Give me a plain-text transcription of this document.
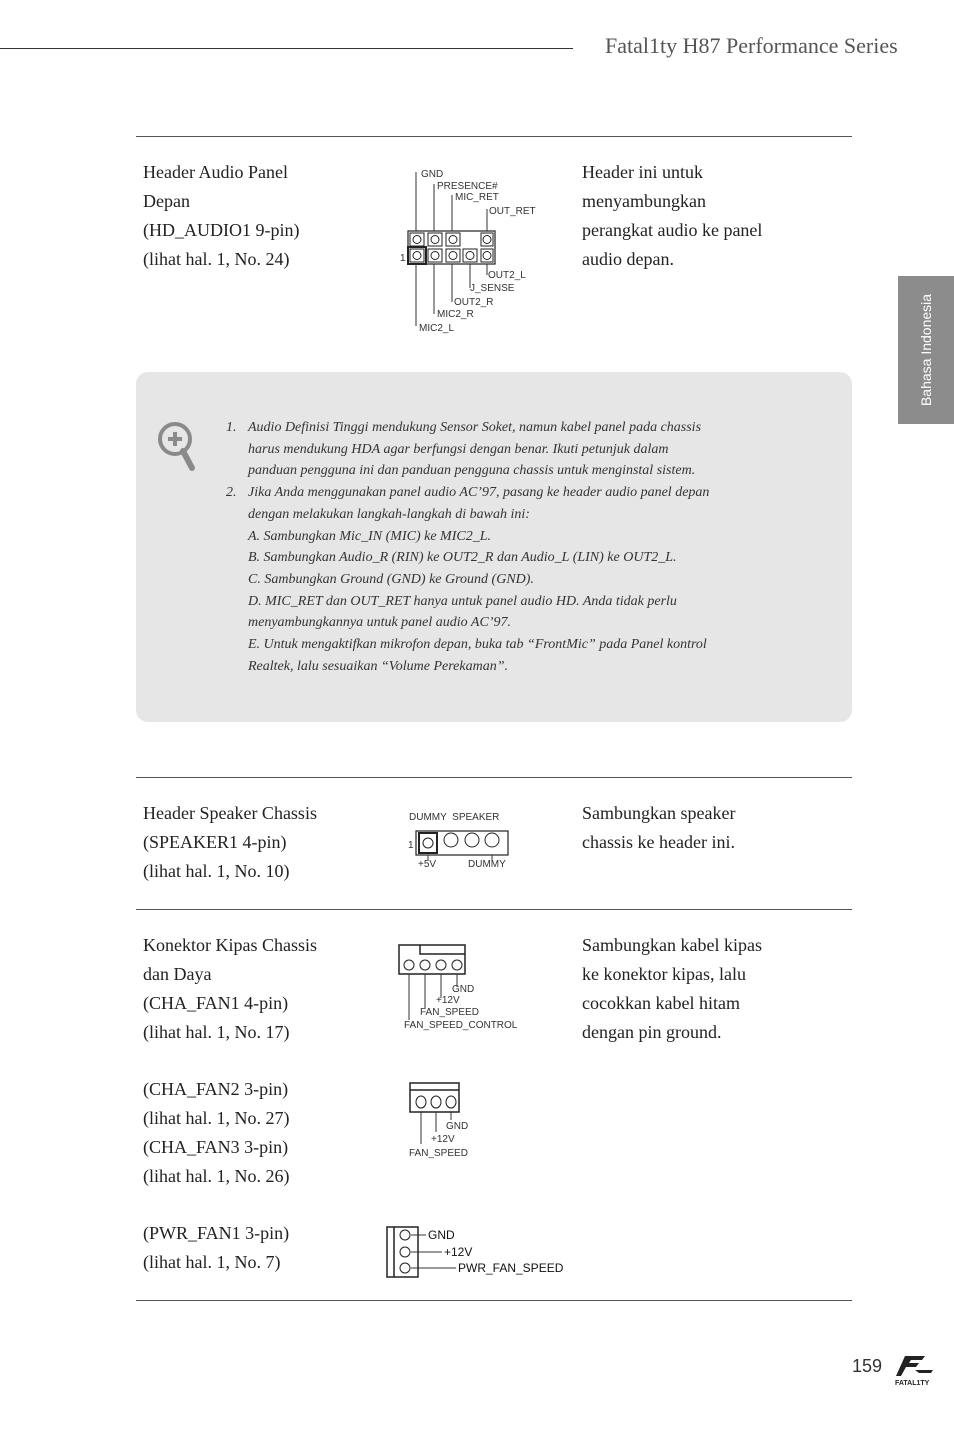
Fatal1ty H87 Performance Series
Bahasa Indonesia
Header Audio Panel
Depan
(HD_AUDIO1 9-pin)
(lihat hal. 1, No. 24)
Header ini untuk
menyambungkan
perangkat audio ke panel
audio depan.
GND
PRESENCE#
MIC_RET
OUT_RET
1
OUT2_L
J_SENSE
OUT2_R
MIC2_R
MIC2_L
1. Audio Definisi Tinggi mendukung Sensor Soket, namun kabel panel pada chassis
harus mendukung HDA agar berfungsi dengan benar. Ikuti petunjuk dalam
panduan pengguna ini dan panduan pengguna chassis untuk menginstal sistem.
2. Jika Anda menggunakan panel audio AC’97, pasang ke header audio panel depan
dengan melakukan langkah-langkah di bawah ini:
A. Sambungkan Mic_IN (MIC) ke MIC2_L.
B. Sambungkan Audio_R (RIN) ke OUT2_R dan Audio_L (LIN) ke OUT2_L.
C. Sambungkan Ground (GND) ke Ground (GND).
D. MIC_RET dan OUT_RET hanya untuk panel audio HD. Anda tidak perlu
menyambungkannya untuk panel audio AC’97.
E. Untuk mengaktifkan mikrofon depan, buka tab “FrontMic” pada Panel kontrol
Realtek, lalu sesuaikan “Volume Perekaman”.
Header Speaker Chassis
(SPEAKER1 4-pin)
(lihat hal. 1, No. 10)
Sambungkan speaker
chassis ke header ini.
DUMMY  SPEAKER
1
+5V	DUMMY
Konektor Kipas Chassis
dan Daya
(CHA_FAN1 4-pin)
(lihat hal. 1, No. 17)
(CHA_FAN2 3-pin)
(lihat hal. 1, No. 27)
(CHA_FAN3 3-pin)
(lihat hal. 1, No. 26)
(PWR_FAN1 3-pin)
(lihat hal. 1, No. 7)
Sambungkan kabel kipas
ke konektor kipas, lalu
cocokkan kabel hitam
dengan pin ground.
GND
+12V
FAN_SPEED
FAN_SPEED_CONTROL
GND
+12V
FAN_SPEED
GND
+12V
PWR_FAN_SPEED
159
FATAL1TY
